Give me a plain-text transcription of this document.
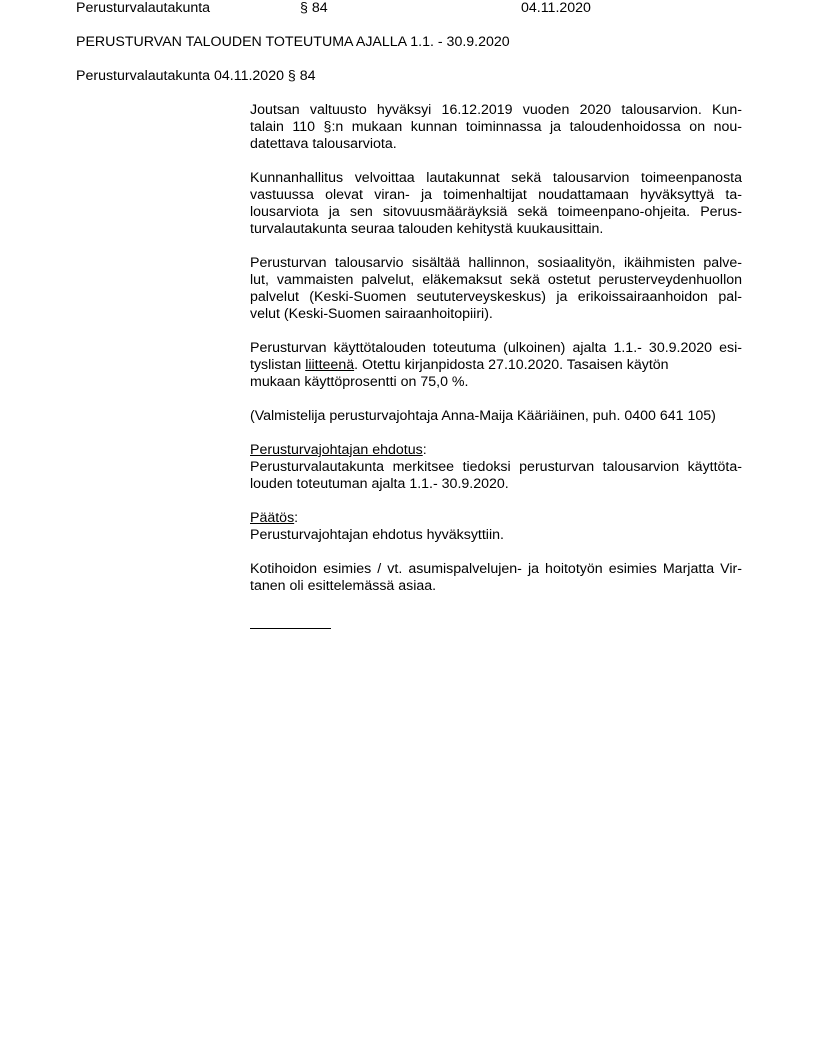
Perusturvalautakunta	§ 84	04.11.2020
PERUSTURVAN TALOUDEN TOTEUTUMA AJALLA 1.1. - 30.9.2020
Perusturvalautakunta 04.11.2020 § 84

Joutsan valtuusto hyväksyi 16.12.2019 vuoden 2020 talousarvion. Kun-
talain 110 §:n mukaan kunnan toiminnassa ja taloudenhoidossa on nou-
datettava talousarviota.

Kunnanhallitus velvoittaa lautakunnat sekä talousarvion toimeenpanosta
vastuussa olevat viran- ja toimenhaltijat noudattamaan hyväksyttyä ta-
lousarviota ja sen sitovuusmääräyksiä sekä toimeenpano-ohjeita. Perus-
turvalautakunta seuraa talouden kehitystä kuukausittain.

Perusturvan talousarvio sisältää hallinnon, sosiaalityön, ikäihmisten palve-
lut, vammaisten palvelut, eläkemaksut sekä ostetut perusterveydenhuollon
palvelut (Keski-Suomen seututerveyskeskus) ja erikoissairaanhoidon pal-
velut (Keski-Suomen sairaanhoitopiiri).

Perusturvan käyttötalouden toteutuma (ulkoinen) ajalta 1.1.- 30.9.2020 esi-
tyslistan liitteenä. Otettu kirjanpidosta 27.10.2020. Tasaisen käytön
mukaan käyttöprosentti on 75,0 %.

(Valmistelija perusturvajohtaja Anna-Maija Kääriäinen, puh. 0400 641 105)

Perusturvajohtajan ehdotus:
Perusturvalautakunta merkitsee tiedoksi perusturvan talousarvion käyttöta-
louden toteutuman ajalta 1.1.- 30.9.2020.

Päätös:
Perusturvajohtajan ehdotus hyväksyttiin.

Kotihoidon esimies / vt. asumispalvelujen- ja hoitotyön esimies Marjatta Vir-
tanen oli esittelemässä asiaa.
